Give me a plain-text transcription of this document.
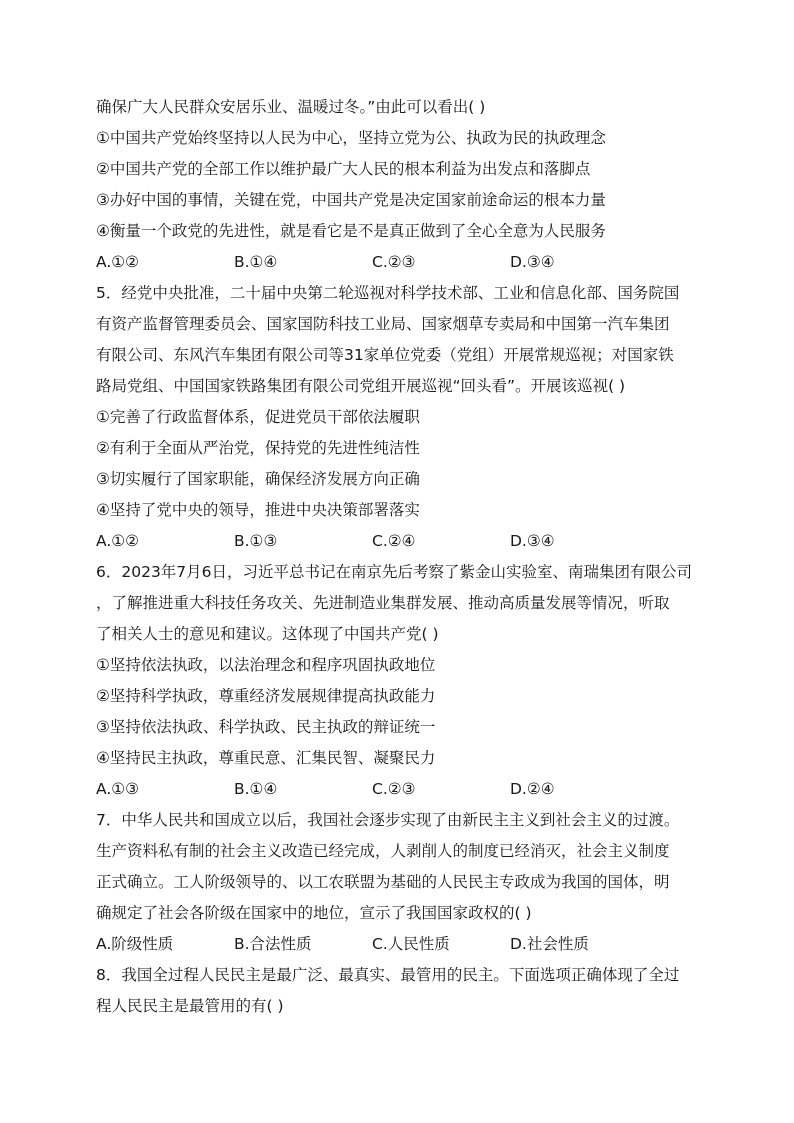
确保广大人民群众安居乐业、温暖过冬。”由此可以看出( )
①中国共产党始终坚持以人民为中心，坚持立党为公、执政为民的执政理念
②中国共产党的全部工作以维护最广大人民的根本利益为出发点和落脚点
③办好中国的事情，关键在党，中国共产党是决定国家前途命运的根本力量
④衡量一个政党的先进性，就是看它是不是真正做到了全心全意为人民服务
A.①②	B.①④	C.②③	D.③④
5．经党中央批准，二十届中央第二轮巡视对科学技术部、工业和信息化部、国务院国
有资产监督管理委员会、国家国防科技工业局、国家烟草专卖局和中国第一汽车集团
有限公司、东风汽车集团有限公司等31家单位党委（党组）开展常规巡视；对国家铁
路局党组、中国国家铁路集团有限公司党组开展巡视“回头看”。开展该巡视( )
①完善了行政监督体系，促进党员干部依法履职
②有利于全面从严治党，保持党的先进性纯洁性
③切实履行了国家职能，确保经济发展方向正确
④坚持了党中央的领导，推进中央决策部署落实
A.①②	B.①③	C.②④	D.③④
6．2023年7月6日，习近平总书记在南京先后考察了紫金山实验室、南瑞集团有限公司
，了解推进重大科技任务攻关、先进制造业集群发展、推动高质量发展等情况，听取
了相关人士的意见和建议。这体现了中国共产党( )
①坚持依法执政，以法治理念和程序巩固执政地位
②坚持科学执政，尊重经济发展规律提高执政能力
③坚持依法执政、科学执政、民主执政的辩证统一
④坚持民主执政，尊重民意、汇集民智、凝聚民力
A.①③	B.①④	C.②③	D.②④
7．中华人民共和国成立以后，我国社会逐步实现了由新民主主义到社会主义的过渡。
生产资料私有制的社会主义改造已经完成，人剥削人的制度已经消灭，社会主义制度
正式确立。工人阶级领导的、以工农联盟为基础的人民民主专政成为我国的国体，明
确规定了社会各阶级在国家中的地位，宣示了我国国家政权的( )
A.阶级性质	B.合法性质	C.人民性质	D.社会性质
8．我国全过程人民民主是最广泛、最真实、最管用的民主。下面选项正确体现了全过
程人民民主是最管用的有( )
